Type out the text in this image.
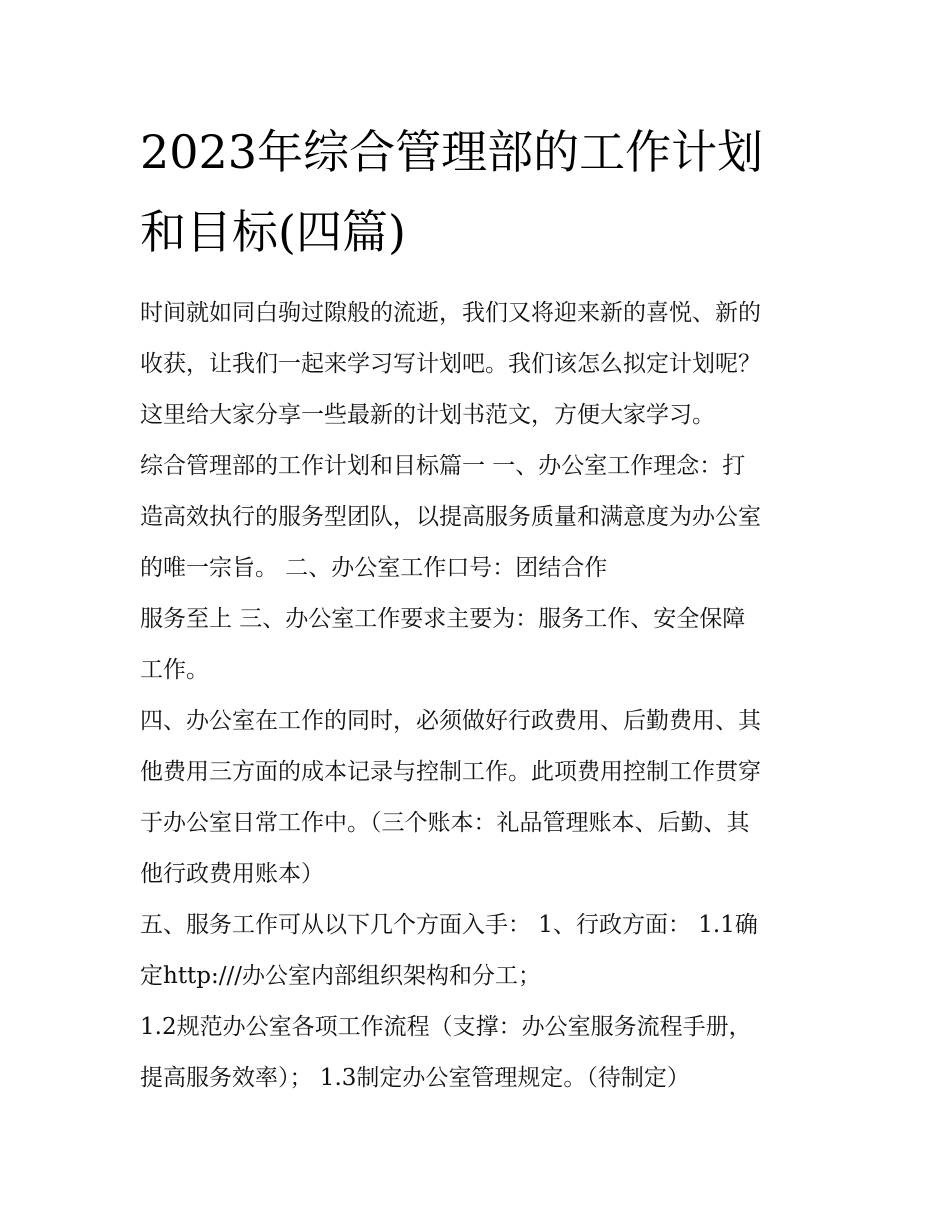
2023年综合管理部的工作计划
和目标(四篇)
时间就如同白驹过隙般的流逝，我们又将迎来新的喜悦、新的
收获，让我们一起来学习写计划吧。我们该怎么拟定计划呢？
这里给大家分享一些最新的计划书范文，方便大家学习。
综合管理部的工作计划和目标篇一 一、办公室工作理念：打
造高效执行的服务型团队，以提高服务质量和满意度为办公室
的唯一宗旨。 二、办公室工作口号：团结合作
服务至上 三、办公室工作要求主要为：服务工作、安全保障
工作。
四、办公室在工作的同时，必须做好行政费用、后勤费用、其
他费用三方面的成本记录与控制工作。此项费用控制工作贯穿
于办公室日常工作中。（三个账本：礼品管理账本、后勤、其
他行政费用账本）
五、服务工作可从以下几个方面入手： 1、行政方面： 1.1确
定http:///办公室内部组织架构和分工；
1.2规范办公室各项工作流程（支撑：办公室服务流程手册，
提高服务效率）； 1.3制定办公室管理规定。（待制定）
